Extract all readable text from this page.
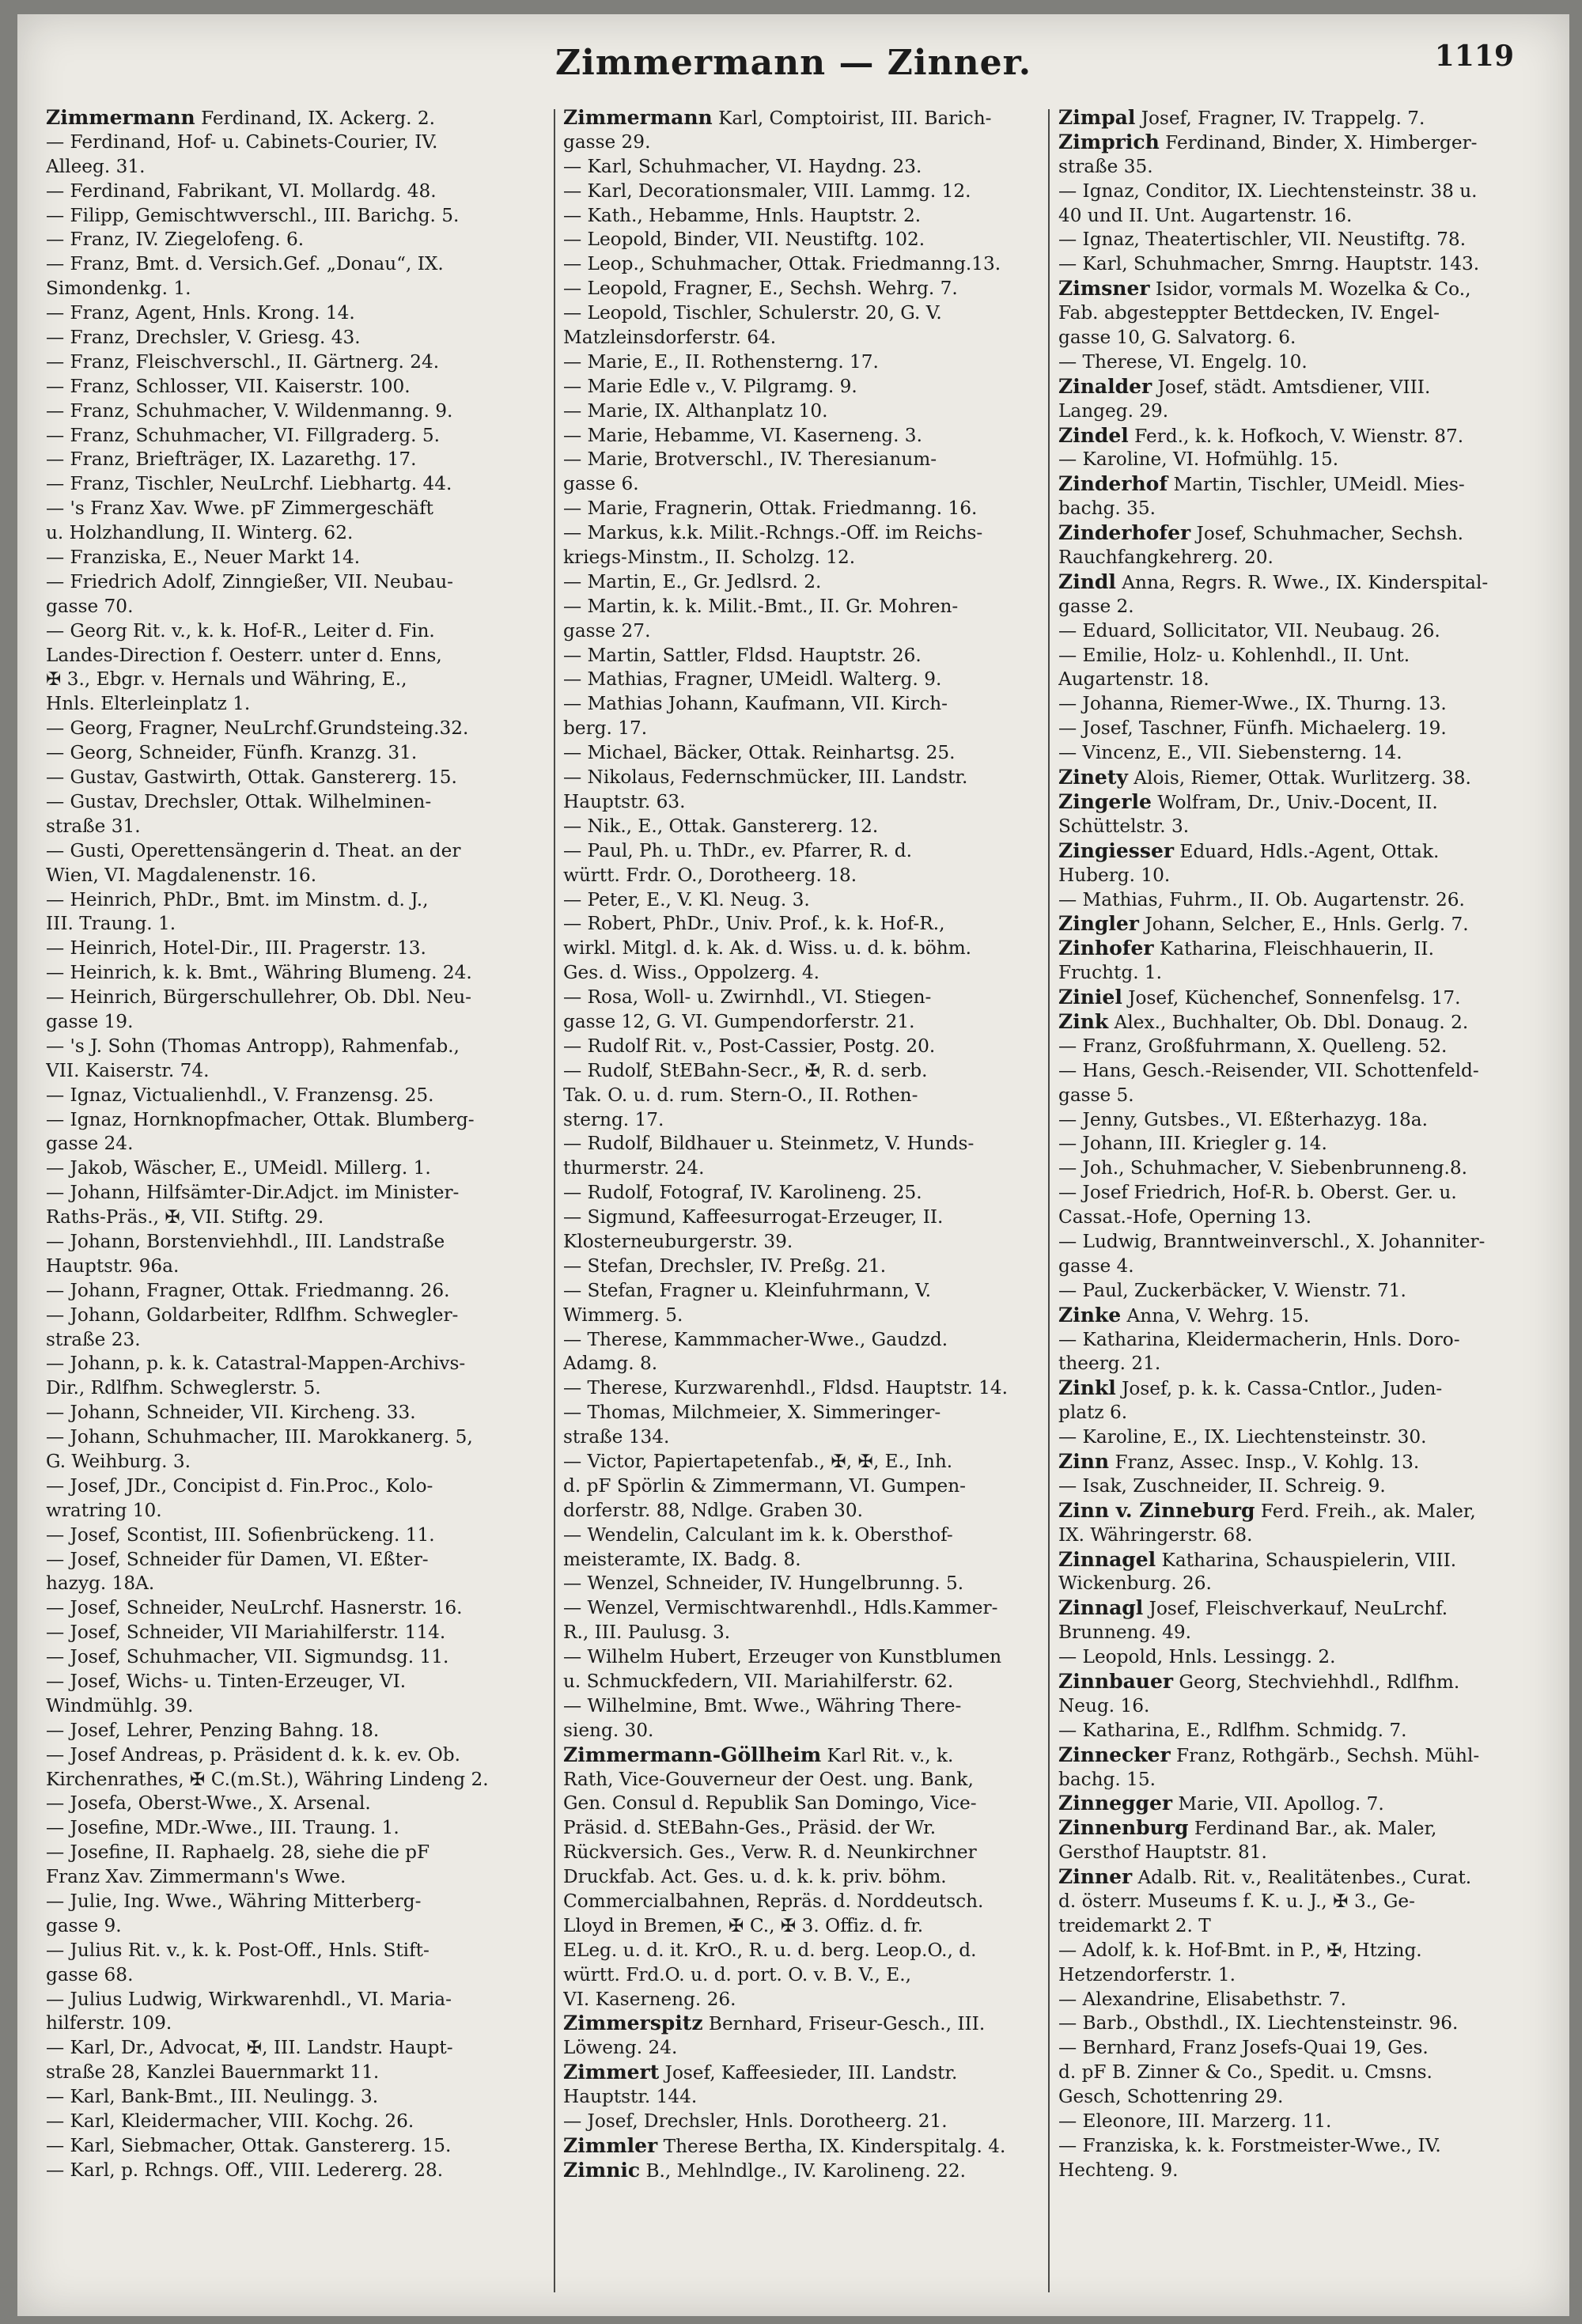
Zimmermann — Zinner.	1119
Zimmermann Ferdinand, IX. Ackerg. 2.
— Ferdinand, Hof- u. Cabinets-Courier, IV.
Alleeg. 31.
— Ferdinand, Fabrikant, VI. Mollardg. 48.
— Filipp, Gemischtwverschl., III. Barichg. 5.
— Franz, IV. Ziegelofeng. 6.
— Franz, Bmt. d. Versich.Gef. „Donau“, IX.
Simondenkg. 1.
— Franz, Agent, Hnls. Krong. 14.
— Franz, Drechsler, V. Griesg. 43.
— Franz, Fleischverschl., II. Gärtnerg. 24.
— Franz, Schlosser, VII. Kaiserstr. 100.
— Franz, Schuhmacher, V. Wildenmanng. 9.
— Franz, Schuhmacher, VI. Fillgraderg. 5.
— Franz, Briefträger, IX. Lazarethg. 17.
— Franz, Tischler, NeuLrchf. Liebhartg. 44.
— 's Franz Xav. Wwe. pF Zimmergeschäft
u. Holzhandlung, II. Winterg. 62.
— Franziska, E., Neuer Markt 14.
— Friedrich Adolf, Zinngießer, VII. Neubau-
gasse 70.
— Georg Rit. v., k. k. Hof-R., Leiter d. Fin.
Landes-Direction f. Oesterr. unter d. Enns,
✠ 3., Ebgr. v. Hernals und Währing, E.,
Hnls. Elterleinplatz 1.
— Georg, Fragner, NeuLrchf.Grundsteing.32.
— Georg, Schneider, Fünfh. Kranzg. 31.
— Gustav, Gastwirth, Ottak. Ganstererg. 15.
— Gustav, Drechsler, Ottak. Wilhelminen-
straße 31.
— Gusti, Operettensängerin d. Theat. an der
Wien, VI. Magdalenenstr. 16.
— Heinrich, PhDr., Bmt. im Minstm. d. J.,
III. Traung. 1.
— Heinrich, Hotel-Dir., III. Pragerstr. 13.
— Heinrich, k. k. Bmt., Währing Blumeng. 24.
— Heinrich, Bürgerschullehrer, Ob. Dbl. Neu-
gasse 19.
— 's J. Sohn (Thomas Antropp), Rahmenfab.,
VII. Kaiserstr. 74.
— Ignaz, Victualienhdl., V. Franzensg. 25.
— Ignaz, Hornknopfmacher, Ottak. Blumberg-
gasse 24.
— Jakob, Wäscher, E., UMeidl. Millerg. 1.
— Johann, Hilfsämter-Dir.Adjct. im Minister-
Raths-Präs., ✠, VII. Stiftg. 29.
— Johann, Borstenviehhdl., III. Landstraße
Hauptstr. 96a.
— Johann, Fragner, Ottak. Friedmanng. 26.
— Johann, Goldarbeiter, Rdlfhm. Schwegler-
straße 23.
— Johann, p. k. k. Catastral-Mappen-Archivs-
Dir., Rdlfhm. Schweglerstr. 5.
— Johann, Schneider, VII. Kircheng. 33.
— Johann, Schuhmacher, III. Marokkanerg. 5,
G. Weihburg. 3.
— Josef, JDr., Concipist d. Fin.Proc., Kolo-
wratring 10.
— Josef, Scontist, III. Sofienbrückeng. 11.
— Josef, Schneider für Damen, VI. Eßter-
hazyg. 18A.
— Josef, Schneider, NeuLrchf. Hasnerstr. 16.
— Josef, Schneider, VII Mariahilferstr. 114.
— Josef, Schuhmacher, VII. Sigmundsg. 11.
— Josef, Wichs- u. Tinten-Erzeuger, VI.
Windmühlg. 39.
— Josef, Lehrer, Penzing Bahng. 18.
— Josef Andreas, p. Präsident d. k. k. ev. Ob.
Kirchenrathes, ✠ C.(m.St.), Währing Lindeng 2.
— Josefa, Oberst-Wwe., X. Arsenal.
— Josefine, MDr.-Wwe., III. Traung. 1.
— Josefine, II. Raphaelg. 28, siehe die pF
Franz Xav. Zimmermann's Wwe.
— Julie, Ing. Wwe., Währing Mitterberg-
gasse 9.
— Julius Rit. v., k. k. Post-Off., Hnls. Stift-
gasse 68.
— Julius Ludwig, Wirkwarenhdl., VI. Maria-
hilferstr. 109.
— Karl, Dr., Advocat, ✠, III. Landstr. Haupt-
straße 28, Kanzlei Bauernmarkt 11.
— Karl, Bank-Bmt., III. Neulingg. 3.
— Karl, Kleidermacher, VIII. Kochg. 26.
— Karl, Siebmacher, Ottak. Ganstererg. 15.
— Karl, p. Rchngs. Off., VIII. Ledererg. 28.
Zimmermann Karl, Comptoirist, III. Barich-
gasse 29.
— Karl, Schuhmacher, VI. Haydng. 23.
— Karl, Decorationsmaler, VIII. Lammg. 12.
— Kath., Hebamme, Hnls. Hauptstr. 2.
— Leopold, Binder, VII. Neustiftg. 102.
— Leop., Schuhmacher, Ottak. Friedmanng.13.
— Leopold, Fragner, E., Sechsh. Wehrg. 7.
— Leopold, Tischler, Schulerstr. 20, G. V.
Matzleinsdorferstr. 64.
— Marie, E., II. Rothensterng. 17.
— Marie Edle v., V. Pilgramg. 9.
— Marie, IX. Althanplatz 10.
— Marie, Hebamme, VI. Kaserneng. 3.
— Marie, Brotverschl., IV. Theresianum-
gasse 6.
— Marie, Fragnerin, Ottak. Friedmanng. 16.
— Markus, k.k. Milit.-Rchngs.-Off. im Reichs-
kriegs-Minstm., II. Scholzg. 12.
— Martin, E., Gr. Jedlsrd. 2.
— Martin, k. k. Milit.-Bmt., II. Gr. Mohren-
gasse 27.
— Martin, Sattler, Fldsd. Hauptstr. 26.
— Mathias, Fragner, UMeidl. Walterg. 9.
— Mathias Johann, Kaufmann, VII. Kirch-
berg. 17.
— Michael, Bäcker, Ottak. Reinhartsg. 25.
— Nikolaus, Federnschmücker, III. Landstr.
Hauptstr. 63.
— Nik., E., Ottak. Ganstererg. 12.
— Paul, Ph. u. ThDr., ev. Pfarrer, R. d.
württ. Frdr. O., Dorotheerg. 18.
— Peter, E., V. Kl. Neug. 3.
— Robert, PhDr., Univ. Prof., k. k. Hof-R.,
wirkl. Mitgl. d. k. Ak. d. Wiss. u. d. k. böhm.
Ges. d. Wiss., Oppolzerg. 4.
— Rosa, Woll- u. Zwirnhdl., VI. Stiegen-
gasse 12, G. VI. Gumpendorferstr. 21.
— Rudolf Rit. v., Post-Cassier, Postg. 20.
— Rudolf, StEBahn-Secr., ✠, R. d. serb.
Tak. O. u. d. rum. Stern-O., II. Rothen-
sterng. 17.
— Rudolf, Bildhauer u. Steinmetz, V. Hunds-
thurmerstr. 24.
— Rudolf, Fotograf, IV. Karolineng. 25.
— Sigmund, Kaffeesurrogat-Erzeuger, II.
Klosterneuburgerstr. 39.
— Stefan, Drechsler, IV. Preßg. 21.
— Stefan, Fragner u. Kleinfuhrmann, V.
Wimmerg. 5.
— Therese, Kammmacher-Wwe., Gaudzd.
Adamg. 8.
— Therese, Kurzwarenhdl., Fldsd. Hauptstr. 14.
— Thomas, Milchmeier, X. Simmeringer-
straße 134.
— Victor, Papiertapetenfab., ✠, ✠, E., Inh.
d. pF Spörlin & Zimmermann, VI. Gumpen-
dorferstr. 88, Ndlge. Graben 30.
— Wendelin, Calculant im k. k. Obersthof-
meisteramte, IX. Badg. 8.
— Wenzel, Schneider, IV. Hungelbrunng. 5.
— Wenzel, Vermischtwarenhdl., Hdls.Kammer-
R., III. Paulusg. 3.
— Wilhelm Hubert, Erzeuger von Kunstblumen
u. Schmuckfedern, VII. Mariahilferstr. 62.
— Wilhelmine, Bmt. Wwe., Währing There-
sieng. 30.
Zimmermann-Göllheim Karl Rit. v., k.
Rath, Vice-Gouverneur der Oest. ung. Bank,
Gen. Consul d. Republik San Domingo, Vice-
Präsid. d. StEBahn-Ges., Präsid. der Wr.
Rückversich. Ges., Verw. R. d. Neunkirchner
Druckfab. Act. Ges. u. d. k. k. priv. böhm.
Commercialbahnen, Repräs. d. Norddeutsch.
Lloyd in Bremen, ✠ C., ✠ 3. Offiz. d. fr.
ELeg. u. d. it. KrO., R. u. d. berg. Leop.O., d.
württ. Frd.O. u. d. port. O. v. B. V., E.,
VI. Kaserneng. 26.
Zimmerspitz Bernhard, Friseur-Gesch., III.
Löweng. 24.
Zimmert Josef, Kaffeesieder, III. Landstr.
Hauptstr. 144.
— Josef, Drechsler, Hnls. Dorotheerg. 21.
Zimmler Therese Bertha, IX. Kinderspitalg. 4.
Zimnic B., Mehlndlge., IV. Karolineng. 22.
Zimpal Josef, Fragner, IV. Trappelg. 7.
Zimprich Ferdinand, Binder, X. Himberger-
straße 35.
— Ignaz, Conditor, IX. Liechtensteinstr. 38 u.
40 und II. Unt. Augartenstr. 16.
— Ignaz, Theatertischler, VII. Neustiftg. 78.
— Karl, Schuhmacher, Smrng. Hauptstr. 143.
Zimsner Isidor, vormals M. Wozelka & Co.,
Fab. abgesteppter Bettdecken, IV. Engel-
gasse 10, G. Salvatorg. 6.
— Therese, VI. Engelg. 10.
Zinalder Josef, städt. Amtsdiener, VIII.
Langeg. 29.
Zindel Ferd., k. k. Hofkoch, V. Wienstr. 87.
— Karoline, VI. Hofmühlg. 15.
Zinderhof Martin, Tischler, UMeidl. Mies-
bachg. 35.
Zinderhofer Josef, Schuhmacher, Sechsh.
Rauchfangkehrerg. 20.
Zindl Anna, Regrs. R. Wwe., IX. Kinderspital-
gasse 2.
— Eduard, Sollicitator, VII. Neubaug. 26.
— Emilie, Holz- u. Kohlenhdl., II. Unt.
Augartenstr. 18.
— Johanna, Riemer-Wwe., IX. Thurng. 13.
— Josef, Taschner, Fünfh. Michaelerg. 19.
— Vincenz, E., VII. Siebensterng. 14.
Zinety Alois, Riemer, Ottak. Wurlitzerg. 38.
Zingerle Wolfram, Dr., Univ.-Docent, II.
Schüttelstr. 3.
Zingiesser Eduard, Hdls.-Agent, Ottak.
Huberg. 10.
— Mathias, Fuhrm., II. Ob. Augartenstr. 26.
Zingler Johann, Selcher, E., Hnls. Gerlg. 7.
Zinhofer Katharina, Fleischhauerin, II.
Fruchtg. 1.
Ziniel Josef, Küchenchef, Sonnenfelsg. 17.
Zink Alex., Buchhalter, Ob. Dbl. Donaug. 2.
— Franz, Großfuhrmann, X. Quelleng. 52.
— Hans, Gesch.-Reisender, VII. Schottenfeld-
gasse 5.
— Jenny, Gutsbes., VI. Eßterhazyg. 18a.
— Johann, III. Kriegler g. 14.
— Joh., Schuhmacher, V. Siebenbrunneng.8.
— Josef Friedrich, Hof-R. b. Oberst. Ger. u.
Cassat.-Hofe, Operning 13.
— Ludwig, Branntweinverschl., X. Johanniter-
gasse 4.
— Paul, Zuckerbäcker, V. Wienstr. 71.
Zinke Anna, V. Wehrg. 15.
— Katharina, Kleidermacherin, Hnls. Doro-
theerg. 21.
Zinkl Josef, p. k. k. Cassa-Cntlor., Juden-
platz 6.
— Karoline, E., IX. Liechtensteinstr. 30.
Zinn Franz, Assec. Insp., V. Kohlg. 13.
— Isak, Zuschneider, II. Schreig. 9.
Zinn v. Zinneburg Ferd. Freih., ak. Maler,
IX. Währingerstr. 68.
Zinnagel Katharina, Schauspielerin, VIII.
Wickenburg. 26.
Zinnagl Josef, Fleischverkauf, NeuLrchf.
Brunneng. 49.
— Leopold, Hnls. Lessingg. 2.
Zinnbauer Georg, Stechviehhdl., Rdlfhm.
Neug. 16.
— Katharina, E., Rdlfhm. Schmidg. 7.
Zinnecker Franz, Rothgärb., Sechsh. Mühl-
bachg. 15.
Zinnegger Marie, VII. Apollog. 7.
Zinnenburg Ferdinand Bar., ak. Maler,
Gersthof Hauptstr. 81.
Zinner Adalb. Rit. v., Realitätenbes., Curat.
d. österr. Museums f. K. u. J., ✠ 3., Ge-
treidemarkt 2. T
— Adolf, k. k. Hof-Bmt. in P., ✠, Htzing.
Hetzendorferstr. 1.
— Alexandrine, Elisabethstr. 7.
— Barb., Obsthdl., IX. Liechtensteinstr. 96.
— Bernhard, Franz Josefs-Quai 19, Ges.
d. pF B. Zinner & Co., Spedit. u. Cmsns.
Gesch, Schottenring 29.
— Eleonore, III. Marzerg. 11.
— Franziska, k. k. Forstmeister-Wwe., IV.
Hechteng. 9.
